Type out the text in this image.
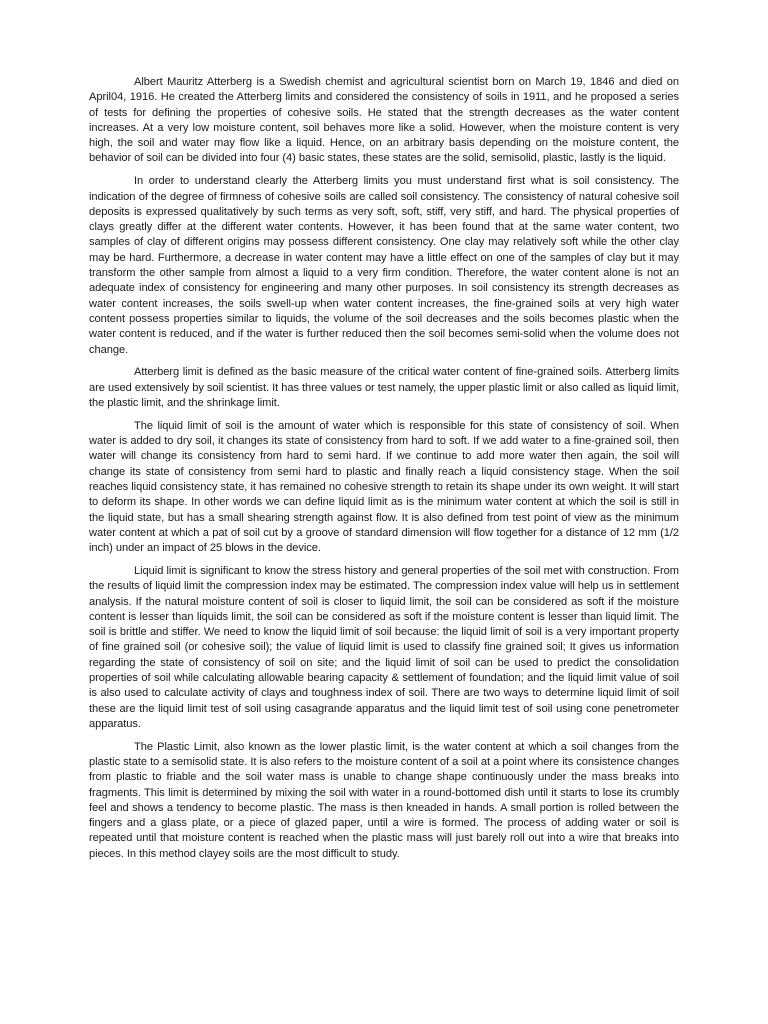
Albert Mauritz Atterberg is a Swedish chemist and agricultural scientist born on March 19, 1846 and died on April04, 1916. He created the Atterberg limits and considered the consistency of soils in 1911, and he proposed a series of tests for defining the properties of cohesive soils. He stated that the strength decreases as the water content increases. At a very low moisture content, soil behaves more like a solid. However, when the moisture content is very high, the soil and water may flow like a liquid. Hence, on an arbitrary basis depending on the moisture content, the behavior of soil can be divided into four (4) basic states, these states are the solid, semisolid, plastic, lastly is the liquid.

In order to understand clearly the Atterberg limits you must understand first what is soil consistency. The indication of the degree of firmness of cohesive soils are called soil consistency. The consistency of natural cohesive soil deposits is expressed qualitatively by such terms as very soft, soft, stiff, very stiff, and hard. The physical properties of clays greatly differ at the different water contents. However, it has been found that at the same water content, two samples of clay of different origins may possess different consistency. One clay may relatively soft while the other clay may be hard. Furthermore, a decrease in water content may have a little effect on one of the samples of clay but it may transform the other sample from almost a liquid to a very firm condition. Therefore, the water content alone is not an adequate index of consistency for engineering and many other purposes. In soil consistency its strength decreases as water content increases, the soils swell-up when water content increases, the fine-grained soils at very high water content possess properties similar to liquids, the volume of the soil decreases and the soils becomes plastic when the water content is reduced, and if the water is further reduced then the soil becomes semi-solid when the volume does not change.

Atterberg limit is defined as the basic measure of the critical water content of fine-grained soils. Atterberg limits are used extensively by soil scientist. It has three values or test namely, the upper plastic limit or also called as liquid limit, the plastic limit, and the shrinkage limit.

The liquid limit of soil is the amount of water which is responsible for this state of consistency of soil. When water is added to dry soil, it changes its state of consistency from hard to soft. If we add water to a fine-grained soil, then water will change its consistency from hard to semi hard. If we continue to add more water then again, the soil will change its state of consistency from semi hard to plastic and finally reach a liquid consistency stage. When the soil reaches liquid consistency state, it has remained no cohesive strength to retain its shape under its own weight. It will start to deform its shape. In other words we can define liquid limit as is the minimum water content at which the soil is still in the liquid state, but has a small shearing strength against flow. It is also defined from test point of view as the minimum water content at which a pat of soil cut by a groove of standard dimension will flow together for a distance of 12 mm (1/2 inch) under an impact of 25 blows in the device.

Liquid limit is significant to know the stress history and general properties of the soil met with construction. From the results of liquid limit the compression index may be estimated. The compression index value will help us in settlement analysis. If the natural moisture content of soil is closer to liquid limit, the soil can be considered as soft if the moisture content is lesser than liquids limit, the soil can be considered as soft if the moisture content is lesser than liquid limit. The soil is brittle and stiffer. We need to know the liquid limit of soil because: the liquid limit of soil is a very important property of fine grained soil (or cohesive soil); the value of liquid limit is used to classify fine grained soil; It gives us information regarding the state of consistency of soil on site; and the liquid limit of soil can be used to predict the consolidation properties of soil while calculating allowable bearing capacity & settlement of foundation; and the liquid limit value of soil is also used to calculate activity of clays and toughness index of soil. There are two ways to determine liquid limit of soil these are the liquid limit test of soil using casagrande apparatus and the liquid limit test of soil using cone penetrometer apparatus.

The Plastic Limit, also known as the lower plastic limit, is the water content at which a soil changes from the plastic state to a semisolid state. It is also refers to the moisture content of a soil at a point where its consistence changes from plastic to friable and the soil water mass is unable to change shape continuously under the mass breaks into fragments. This limit is determined by mixing the soil with water in a round-bottomed dish until it starts to lose its crumbly feel and shows a tendency to become plastic. The mass is then kneaded in hands. A small portion is rolled between the fingers and a glass plate, or a piece of glazed paper, until a wire is formed. The process of adding water or soil is repeated until that moisture content is reached when the plastic mass will just barely roll out into a wire that breaks into pieces. In this method clayey soils are the most difficult to study.
